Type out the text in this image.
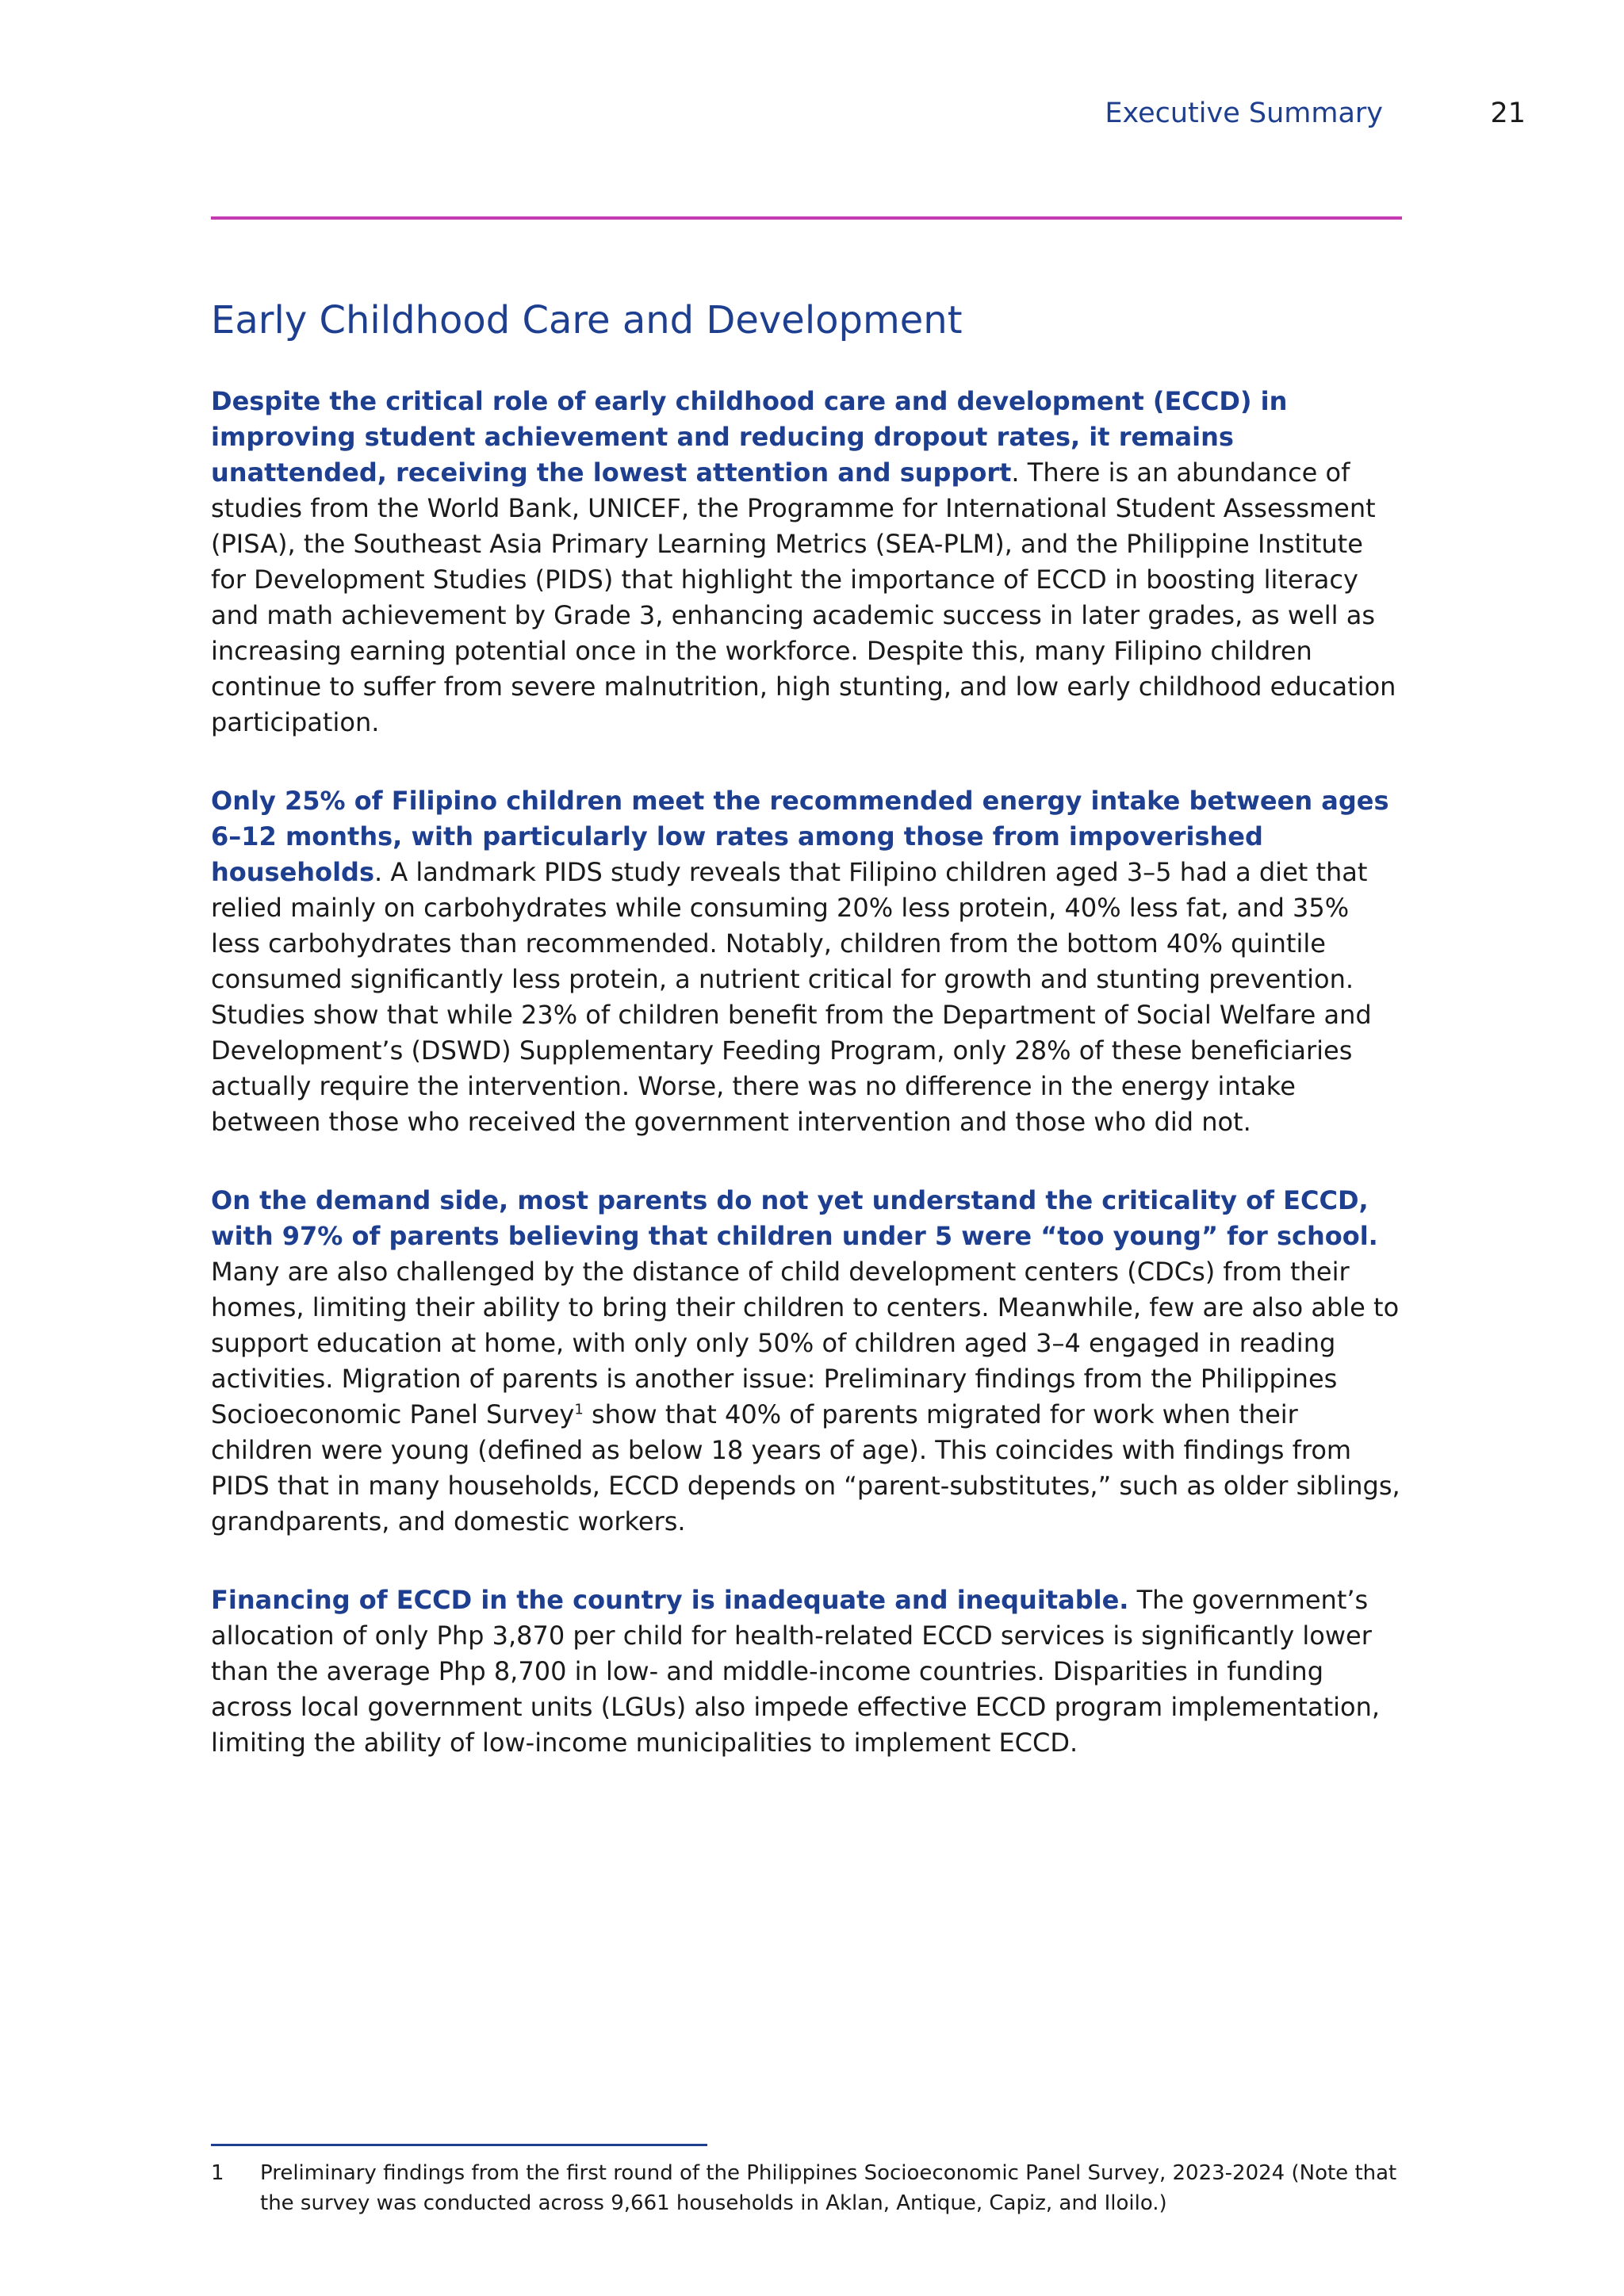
Executive Summary	21
Early Childhood Care and Development

Despite the critical role of early childhood care and development (ECCD) in improving student achievement and reducing dropout rates, it remains unattended, receiving the lowest attention and support. There is an abundance of studies from the World Bank, UNICEF, the Programme for International Student Assessment (PISA), the Southeast Asia Primary Learning Metrics (SEA-PLM), and the Philippine Institute for Development Studies (PIDS) that highlight the importance of ECCD in boosting literacy and math achievement by Grade 3, enhancing academic success in later grades, as well as increasing earning potential once in the workforce. Despite this, many Filipino children continue to suffer from severe malnutrition, high stunting, and low early childhood education participation.

Only 25% of Filipino children meet the recommended energy intake between ages 6–12 months, with particularly low rates among those from impoverished households. A landmark PIDS study reveals that Filipino children aged 3–5 had a diet that relied mainly on carbohydrates while consuming 20% less protein, 40% less fat, and 35% less carbohydrates than recommended. Notably, children from the bottom 40% quintile consumed significantly less protein, a nutrient critical for growth and stunting prevention. Studies show that while 23% of children benefit from the Department of Social Welfare and Development’s (DSWD) Supplementary Feeding Program, only 28% of these beneficiaries actually require the intervention. Worse, there was no difference in the energy intake between those who received the government intervention and those who did not.

On the demand side, most parents do not yet understand the criticality of ECCD, with 97% of parents believing that children under 5 were “too young” for school. Many are also challenged by the distance of child development centers (CDCs) from their homes, limiting their ability to bring their children to centers. Meanwhile, few are also able to support education at home, with only only 50% of children aged 3–4 engaged in reading activities. Migration of parents is another issue: Preliminary findings from the Philippines Socioeconomic Panel Survey$^1$ show that 40% of parents migrated for work when their children were young (defined as below 18 years of age). This coincides with findings from PIDS that in many households, ECCD depends on “parent-substitutes,” such as older siblings, grandparents, and domestic workers.

Financing of ECCD in the country is inadequate and inequitable. The government’s allocation of only Php 3,870 per child for health-related ECCD services is significantly lower than the average Php 8,700 in low- and middle-income countries. Disparities in funding across local government units (LGUs) also impede effective ECCD program implementation, limiting the ability of low-income municipalities to implement ECCD.

1 Preliminary findings from the first round of the Philippines Socioeconomic Panel Survey, 2023-2024 (Note that the survey was conducted across 9,661 households in Aklan, Antique, Capiz, and Iloilo.)
